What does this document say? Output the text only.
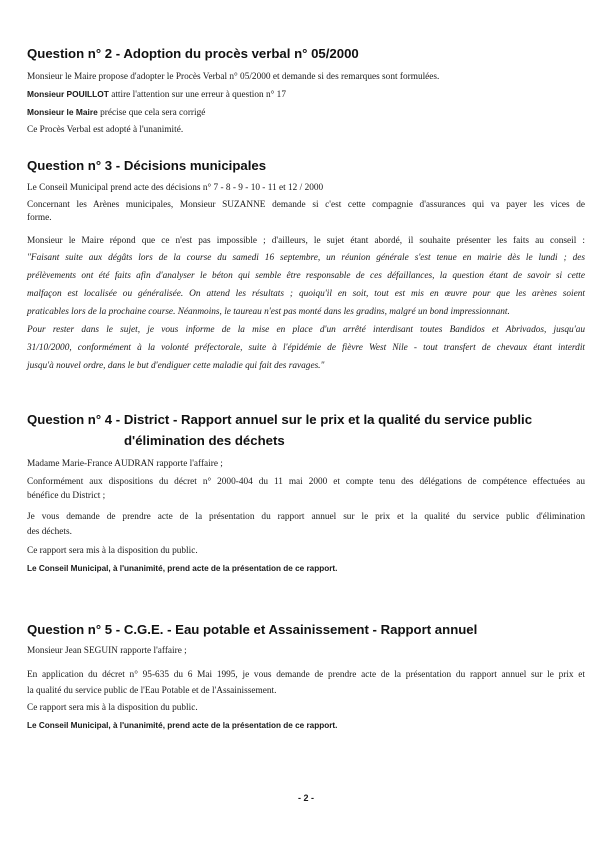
Question n° 2 - Adoption du procès verbal n° 05/2000

Monsieur le Maire propose d'adopter le Procès Verbal n° 05/2000 et demande si des remarques sont formulées.

Monsieur POUILLOT attire l'attention sur une erreur à question n° 17

Monsieur le Maire précise que cela sera corrigé

Ce Procès Verbal est adopté à l'unanimité.

Question n° 3 - Décisions municipales

Le Conseil Municipal prend acte des décisions n° 7 - 8 - 9 - 10 - 11 et 12 / 2000

Concernant les Arènes municipales, Monsieur SUZANNE demande si c'est cette compagnie d'assurances qui va payer les vices de

forme.

Monsieur le Maire répond que ce n'est pas impossible ; d'ailleurs, le sujet étant abordé, il souhaite présenter les faits au conseil :

"Faisant suite aux dégâts lors de la course du samedi 16 septembre, un réunion générale s'est tenue en mairie dès le lundi ; des

prélèvements ont été faits afin d'analyser le béton qui semble être responsable de ces défaillances, la question étant de savoir si cette

malfaçon est localisée ou généralisée. On attend les résultats ; quoiqu'il en soit, tout est mis en œuvre pour que les arènes soient

praticables lors de la prochaine course. Néanmoins, le taureau n'est pas monté dans les gradins, malgré un bond impressionnant.

Pour rester dans le sujet, je vous informe de la mise en place d'un arrêté interdisant toutes Bandidos et Abrivados, jusqu'au

31/10/2000, conformément à la volonté préfectorale, suite à l'épidémie de fièvre West Nile - tout transfert de chevaux étant interdit

jusqu'à nouvel ordre, dans le but d'endiguer cette maladie qui fait des ravages."

Question n° 4 - District - Rapport annuel sur le prix et la qualité du service public
d'élimination des déchets

Madame Marie-France AUDRAN rapporte l'affaire ;

Conformément aux dispositions du décret n° 2000-404 du 11 mai 2000 et compte tenu des délégations de compétence effectuées au

bénéfice du District ;

Je vous demande de prendre acte de la présentation du rapport annuel sur le prix et la qualité du service public d'élimination

des déchets.

Ce rapport sera mis à la disposition du public.

Le Conseil Municipal, à l'unanimité, prend acte de la présentation de ce rapport.

Question n° 5 - C.G.E. - Eau potable et Assainissement - Rapport annuel

Monsieur Jean SEGUIN rapporte l'affaire ;

En application du décret n° 95-635 du 6 Mai 1995, je vous demande de prendre acte de la présentation du rapport annuel sur le prix et

la qualité du service public de l'Eau Potable et de l'Assainissement.

Ce rapport sera mis à la disposition du public.

Le Conseil Municipal, à l'unanimité, prend acte de la présentation de ce rapport.

- 2 -
